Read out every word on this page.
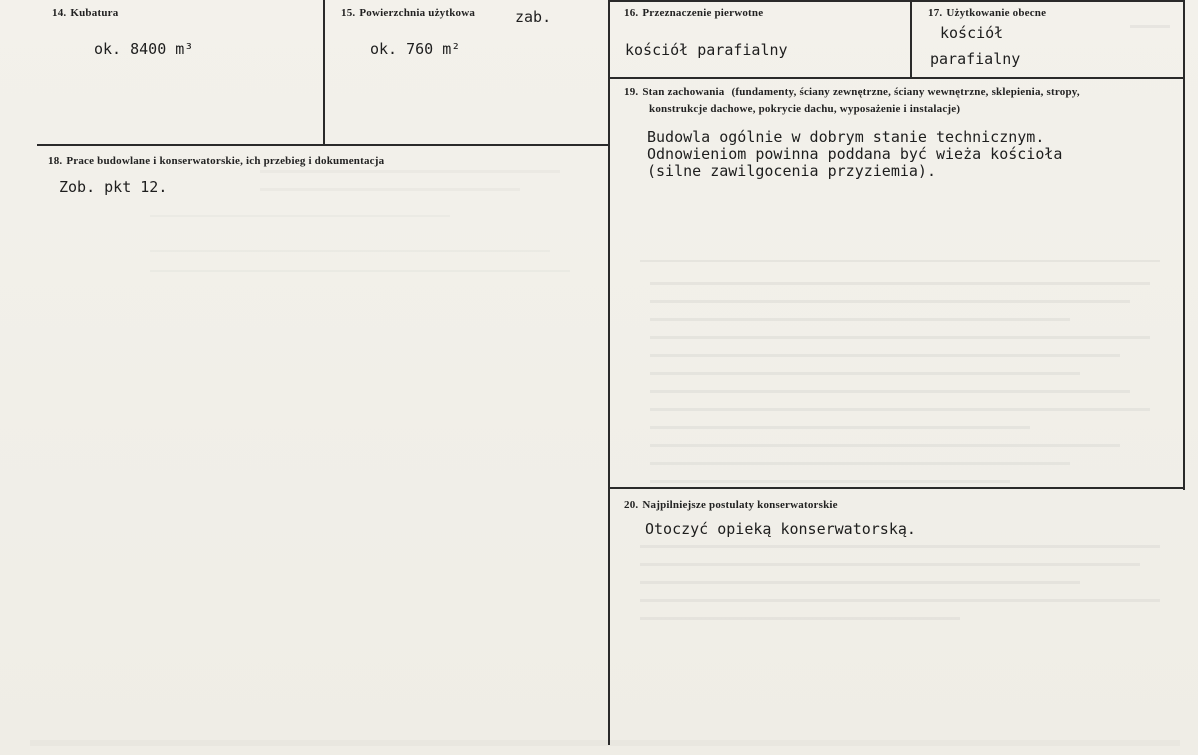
14. Kubatura
ok. 8400 m³
15. Powierzchnia użytkowa	zab.
ok. 760 m²
16. Przeznaczenie pierwotne
kościół parafialny
17. Użytkowanie obecne
kościół
parafialny
18. Prace budowlane i konserwatorskie, ich przebieg i dokumentacja
Zob. pkt 12.
19. Stan zachowania (fundamenty, ściany zewnętrzne, ściany wewnętrzne, sklepienia, stropy,
konstrukcje dachowe, pokrycie dachu, wyposażenie i instalacje)
Budowla ogólnie w dobrym stanie technicznym.
Odnowieniom powinna poddana być wieża kościoła
(silne zawilgocenia przyziemia).
20. Najpilniejsze postulaty konserwatorskie
Otoczyć opieką konserwatorską.
